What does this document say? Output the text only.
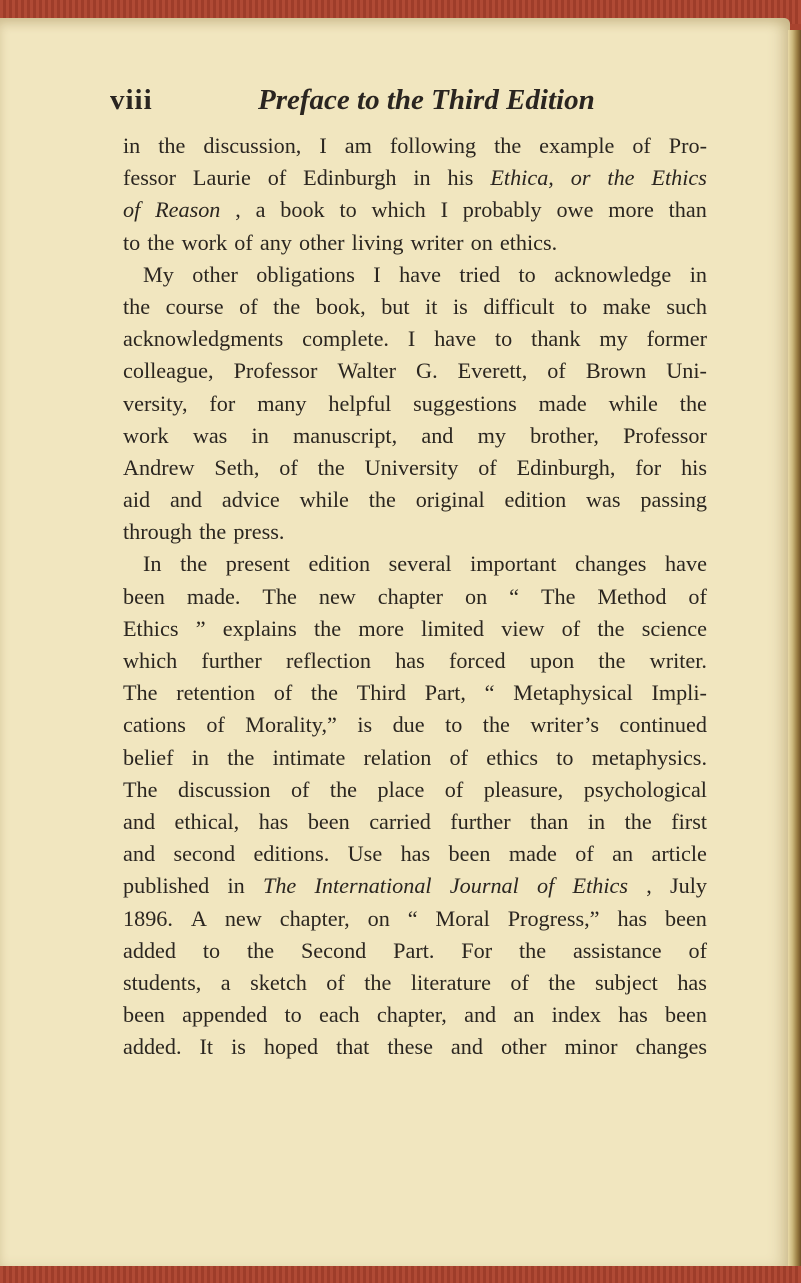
viii	Preface to the Third Edition
in the discussion, I am following the example of Pro-
fessor Laurie of Edinburgh in his Ethica, or the Ethics
of Reason , a book to which I probably owe more than
to the work of any other living writer on ethics.
My other obligations I have tried to acknowledge in
the course of the book, but it is difficult to make such
acknowledgments complete. I have to thank my former
colleague, Professor Walter G. Everett, of Brown Uni-
versity, for many helpful suggestions made while the
work was in manuscript, and my brother, Professor
Andrew Seth, of the University of Edinburgh, for his
aid and advice while the original edition was passing
through the press.
In the present edition several important changes have
been made. The new chapter on “ The Method of
Ethics ” explains the more limited view of the science
which further reflection has forced upon the writer.
The retention of the Third Part, “ Metaphysical Impli-
cations of Morality,” is due to the writer’s continued
belief in the intimate relation of ethics to metaphysics.
The discussion of the place of pleasure, psychological
and ethical, has been carried further than in the first
and second editions. Use has been made of an article
published in The International Journal of Ethics , July
1896. A new chapter, on “ Moral Progress,” has been
added to the Second Part. For the assistance of
students, a sketch of the literature of the subject has
been appended to each chapter, and an index has been
added. It is hoped that these and other minor changes
